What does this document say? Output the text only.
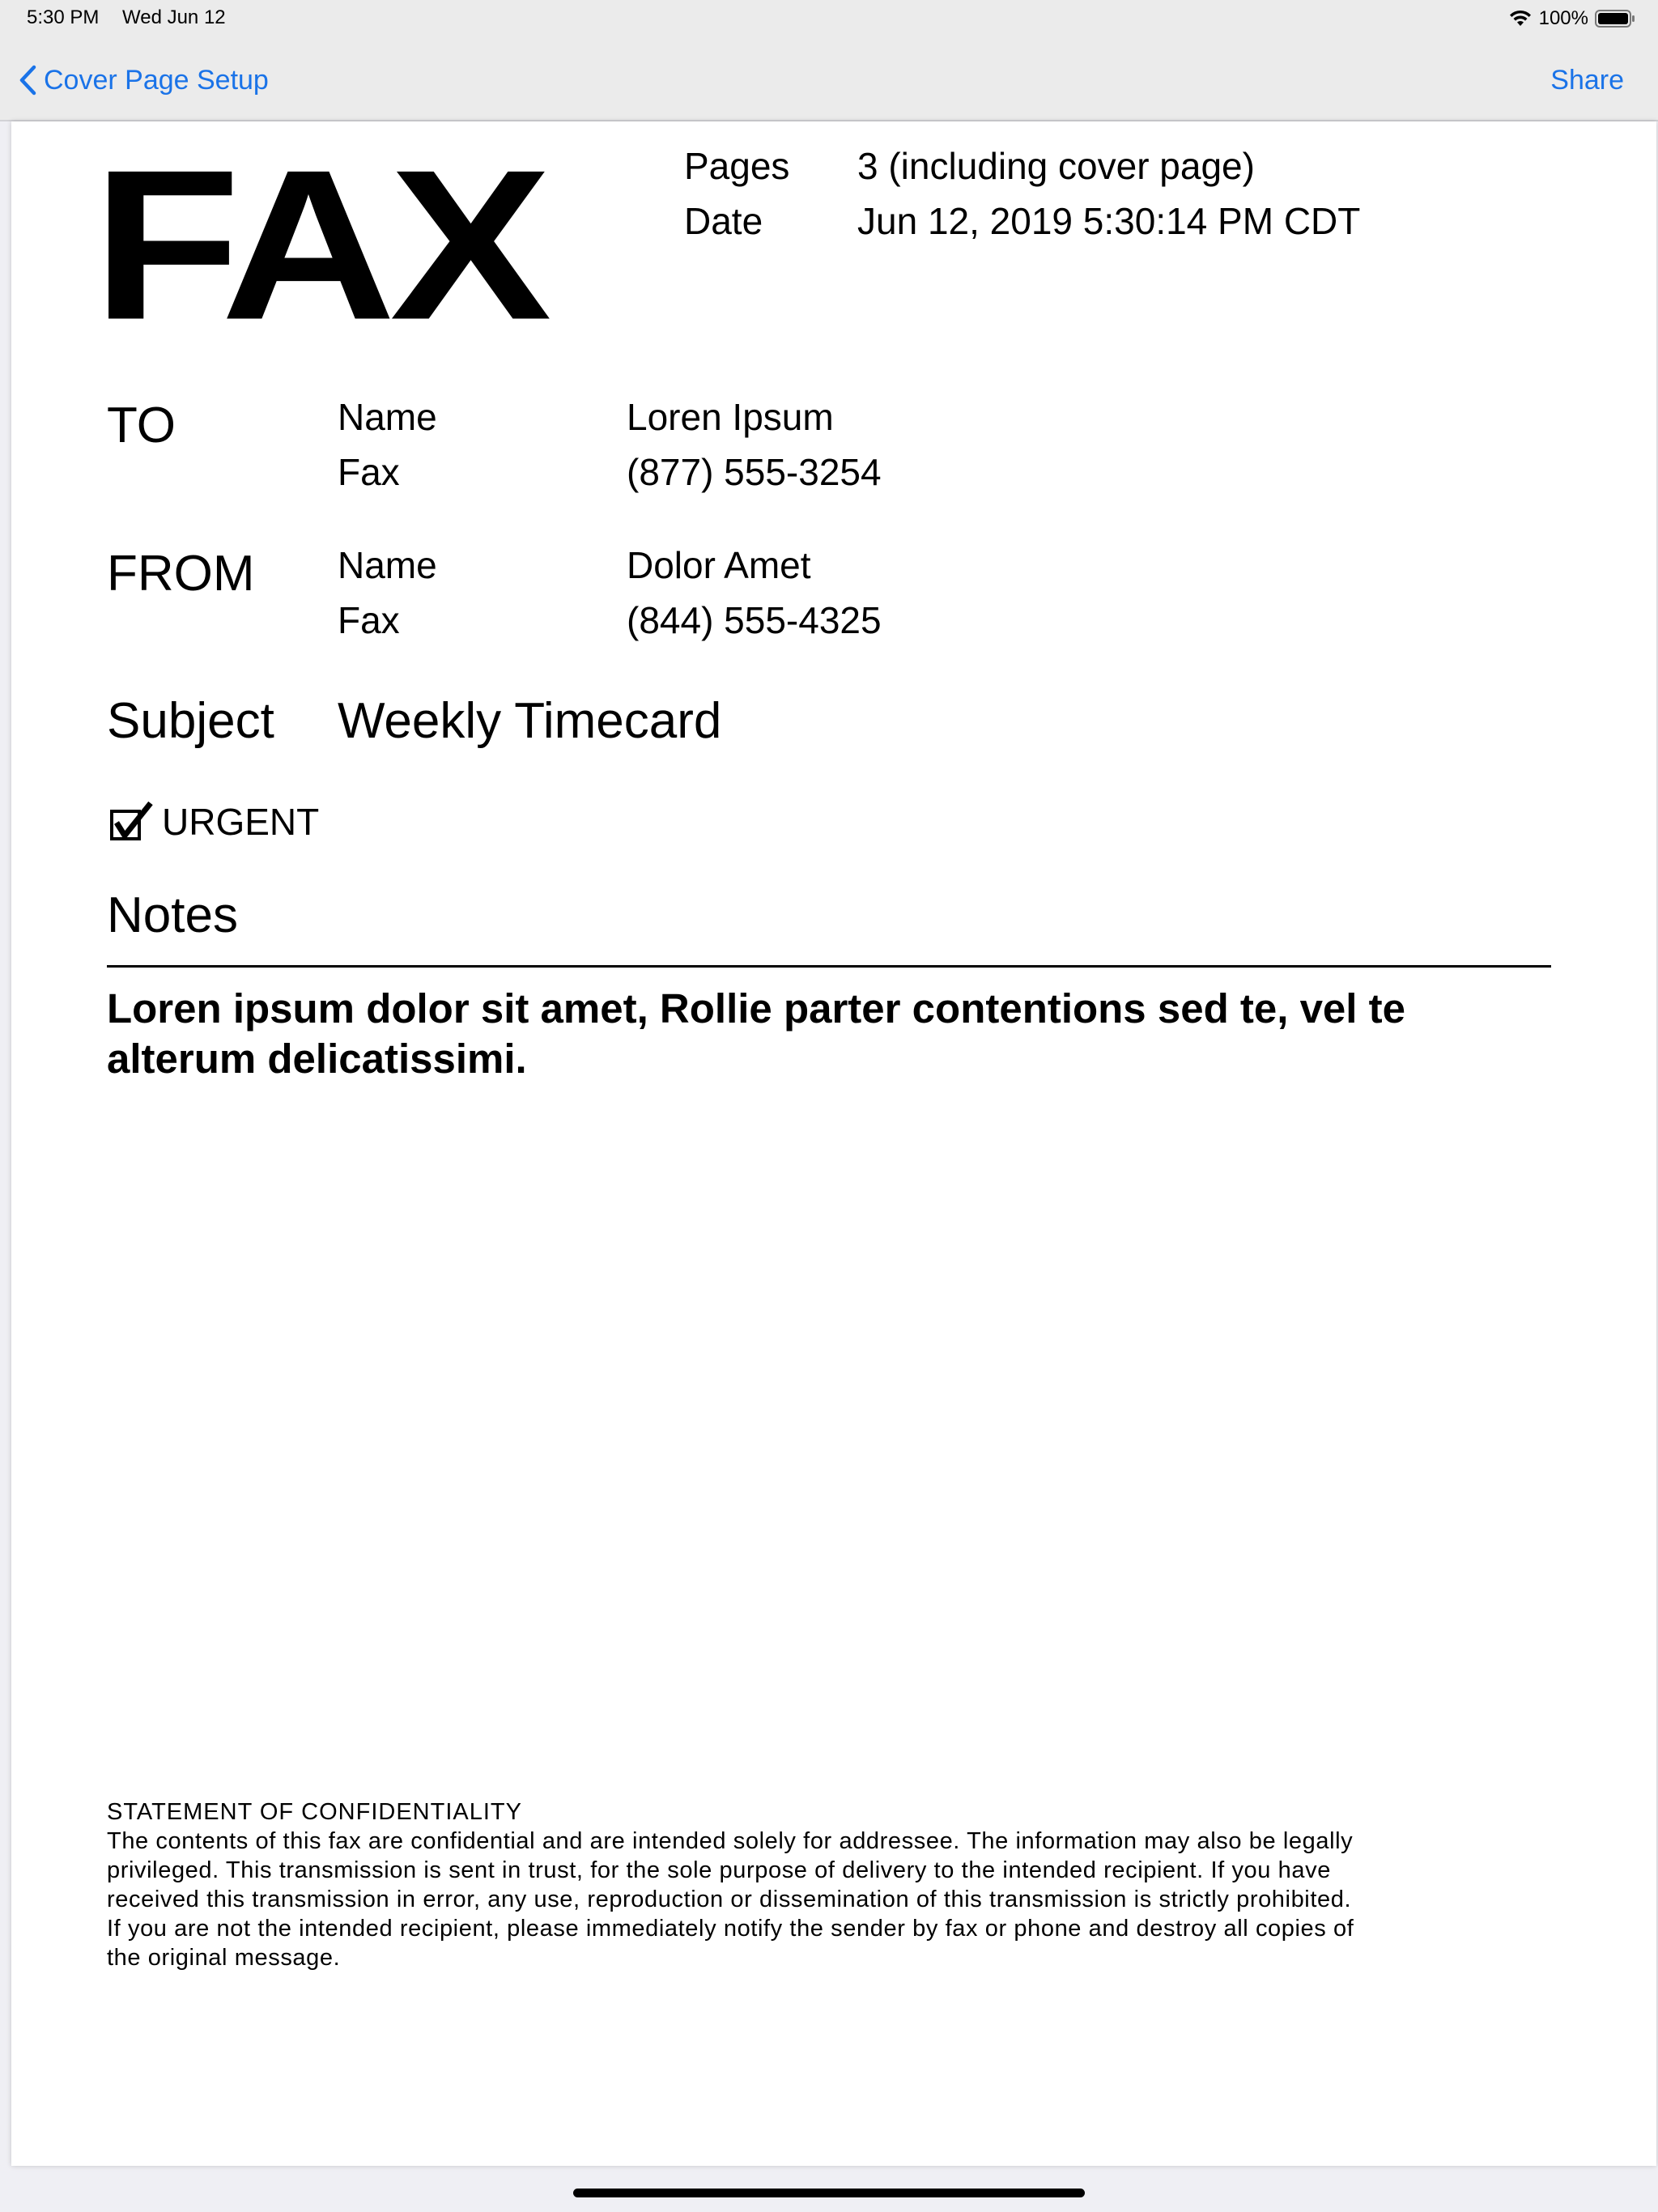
5:30 PM Wed Jun 12	100%
Cover Page Setup	Share
FAX	Pages 3 (including cover page)
Date	Jun 12, 2019 5:30:14 PM CDT
TO	Name	Loren Ipsum
Fax	(877) 555-3254
FROM Name	Dolor Amet
Fax	(844) 555-4325
Subject Weekly Timecard
URGENT
Notes
Loren ipsum dolor sit amet, Rollie parter contentions sed te, vel te alterum delicatissimi.
STATEMENT OF CONFIDENTIALITY
The contents of this fax are confidential and are intended solely for addressee. The information may also be legally
privileged. This transmission is sent in trust, for the sole purpose of delivery to the intended recipient. If you have
received this transmission in error, any use, reproduction or dissemination of this transmission is strictly prohibited.
If you are not the intended recipient, please immediately notify the sender by fax or phone and destroy all copies of
the original message.
